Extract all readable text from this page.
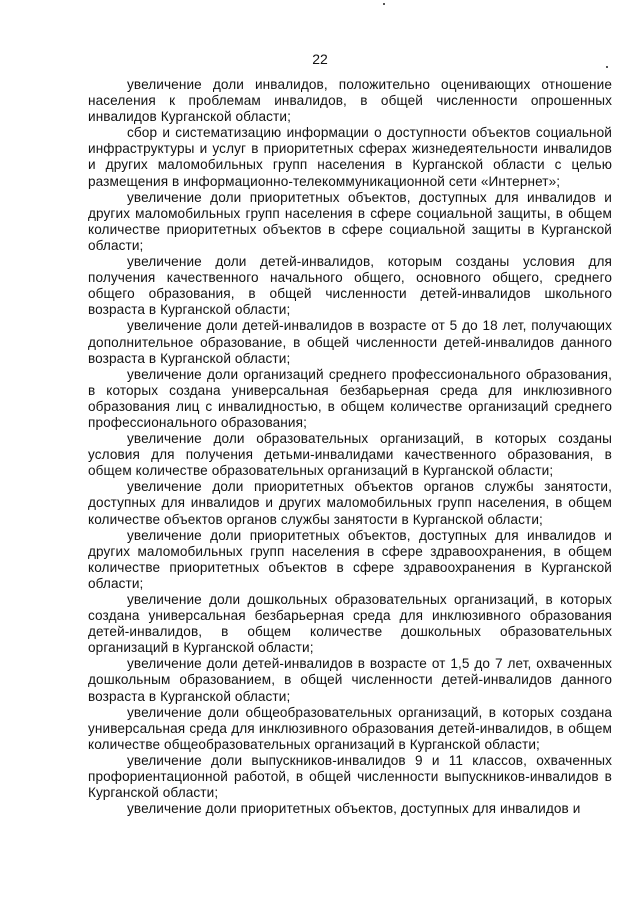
22

увеличение доли инвалидов, положительно оценивающих отношение населения к проблемам инвалидов, в общей численности опрошенных инвалидов Курганской области;

сбор и систематизацию информации о доступности объектов социальной инфраструктуры и услуг в приоритетных сферах жизнедеятельности инвалидов и других маломобильных групп населения в Курганской области с целью размещения в информационно-телекоммуникационной сети «Интернет»;

увеличение доли приоритетных объектов, доступных для инвалидов и других маломобильных групп населения в сфере социальной защиты, в общем количестве приоритетных объектов в сфере социальной защиты в Курганской области;

увеличение доли детей-инвалидов, которым созданы условия для получения качественного начального общего, основного общего, среднего общего образования, в общей численности детей-инвалидов школьного возраста в Курганской области;

увеличение доли детей-инвалидов в возрасте от 5 до 18 лет, получающих дополнительное образование, в общей численности детей-инвалидов данного возраста в Курганской области;

увеличение доли организаций среднего профессионального образования, в которых создана универсальная безбарьерная среда для инклюзивного образования лиц с инвалидностью, в общем количестве организаций среднего профессионального образования;

увеличение доли образовательных организаций, в которых созданы условия для получения детьми-инвалидами качественного образования, в общем количестве образовательных организаций в Курганской области;

увеличение доли приоритетных объектов органов службы занятости, доступных для инвалидов и других маломобильных групп населения, в общем количестве объектов органов службы занятости в Курганской области;

увеличение доли приоритетных объектов, доступных для инвалидов и других маломобильных групп населения в сфере здравоохранения, в общем количестве приоритетных объектов в сфере здравоохранения в Курганской области;

увеличение доли дошкольных образовательных организаций, в которых создана универсальная безбарьерная среда для инклюзивного образования детей-инвалидов, в общем количестве дошкольных образовательных организаций в Курганской области;

увеличение доли детей-инвалидов в возрасте от 1,5 до 7 лет, охваченных дошкольным образованием, в общей численности детей-инвалидов данного возраста в Курганской области;

увеличение доли общеобразовательных организаций, в которых создана универсальная среда для инклюзивного образования детей-инвалидов, в общем количестве общеобразовательных организаций в Курганской области;

увеличение доли выпускников-инвалидов 9 и 11 классов, охваченных профориентационной работой, в общей численности выпускников-инвалидов в Курганской области;

увеличение доли приоритетных объектов, доступных для инвалидов и
